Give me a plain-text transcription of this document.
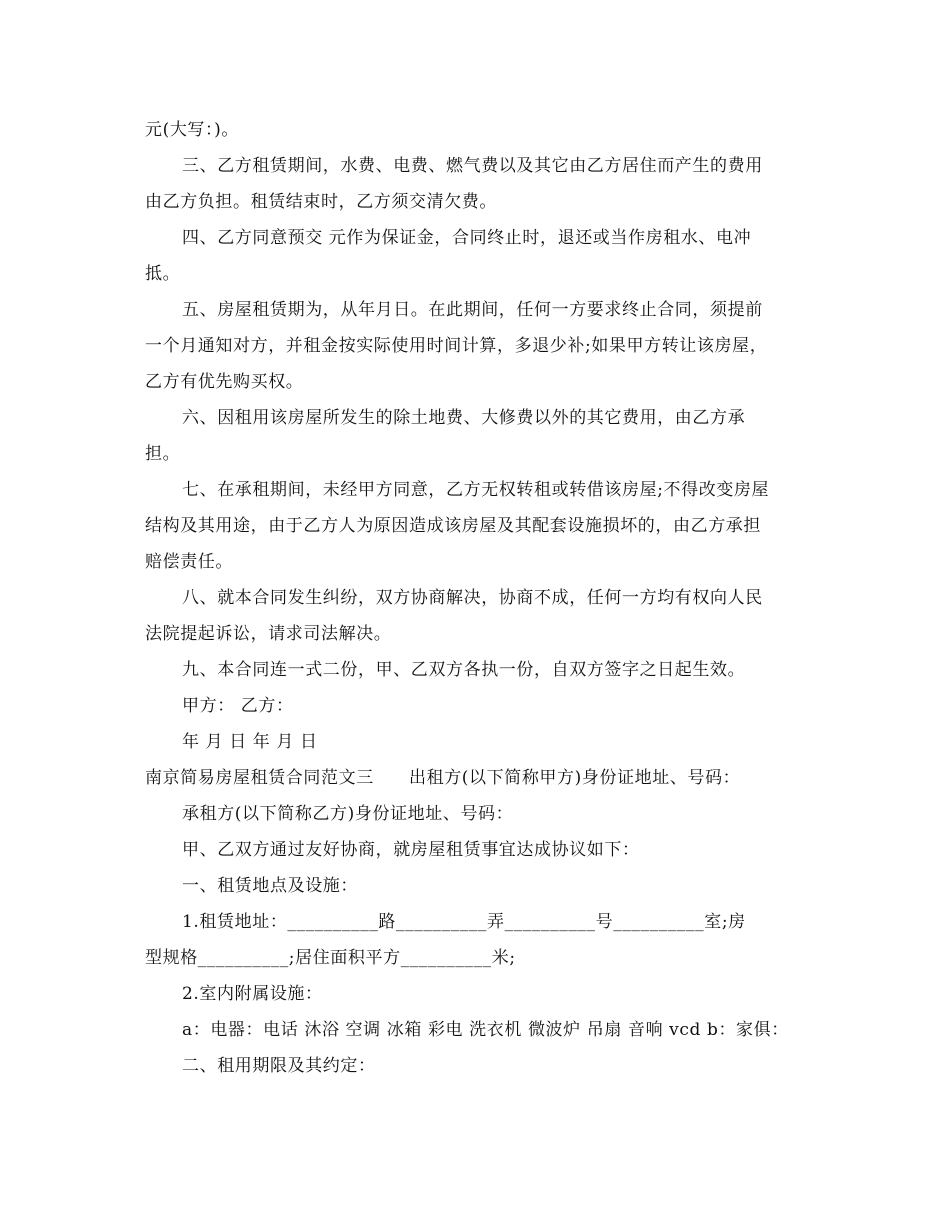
元(大写：)。
三、乙方租赁期间，水费、电费、燃气费以及其它由乙方居住而产生的费用
由乙方负担。租赁结束时，乙方须交清欠费。
四、乙方同意预交 元作为保证金，合同终止时，退还或当作房租水、电冲
抵。
五、房屋租赁期为，从年月日。在此期间，任何一方要求终止合同，须提前
一个月通知对方，并租金按实际使用时间计算，多退少补;如果甲方转让该房屋，
乙方有优先购买权。
六、因租用该房屋所发生的除土地费、大修费以外的其它费用，由乙方承
担。
七、在承租期间，未经甲方同意，乙方无权转租或转借该房屋;不得改变房屋
结构及其用途，由于乙方人为原因造成该房屋及其配套设施损坏的，由乙方承担
赔偿责任。
八、就本合同发生纠纷，双方协商解决，协商不成，任何一方均有权向人民
法院提起诉讼，请求司法解决。
九、本合同连一式二份，甲、乙双方各执一份，自双方签字之日起生效。
甲方： 乙方：
年 月 日 年 月 日
南京简易房屋租赁合同范文三　　出租方(以下简称甲方)身份证地址、号码：
承租方(以下简称乙方)身份证地址、号码：
甲、乙双方通过友好协商，就房屋租赁事宜达成协议如下：
一、租赁地点及设施：
1.租赁地址：__________路__________弄__________号__________室;房
型规格__________;居住面积平方__________米;
2.室内附属设施：
a：电器：电话 沐浴 空调 冰箱 彩电 洗衣机 微波炉 吊扇 音响 vcd b：家俱：
二、租用期限及其约定：
